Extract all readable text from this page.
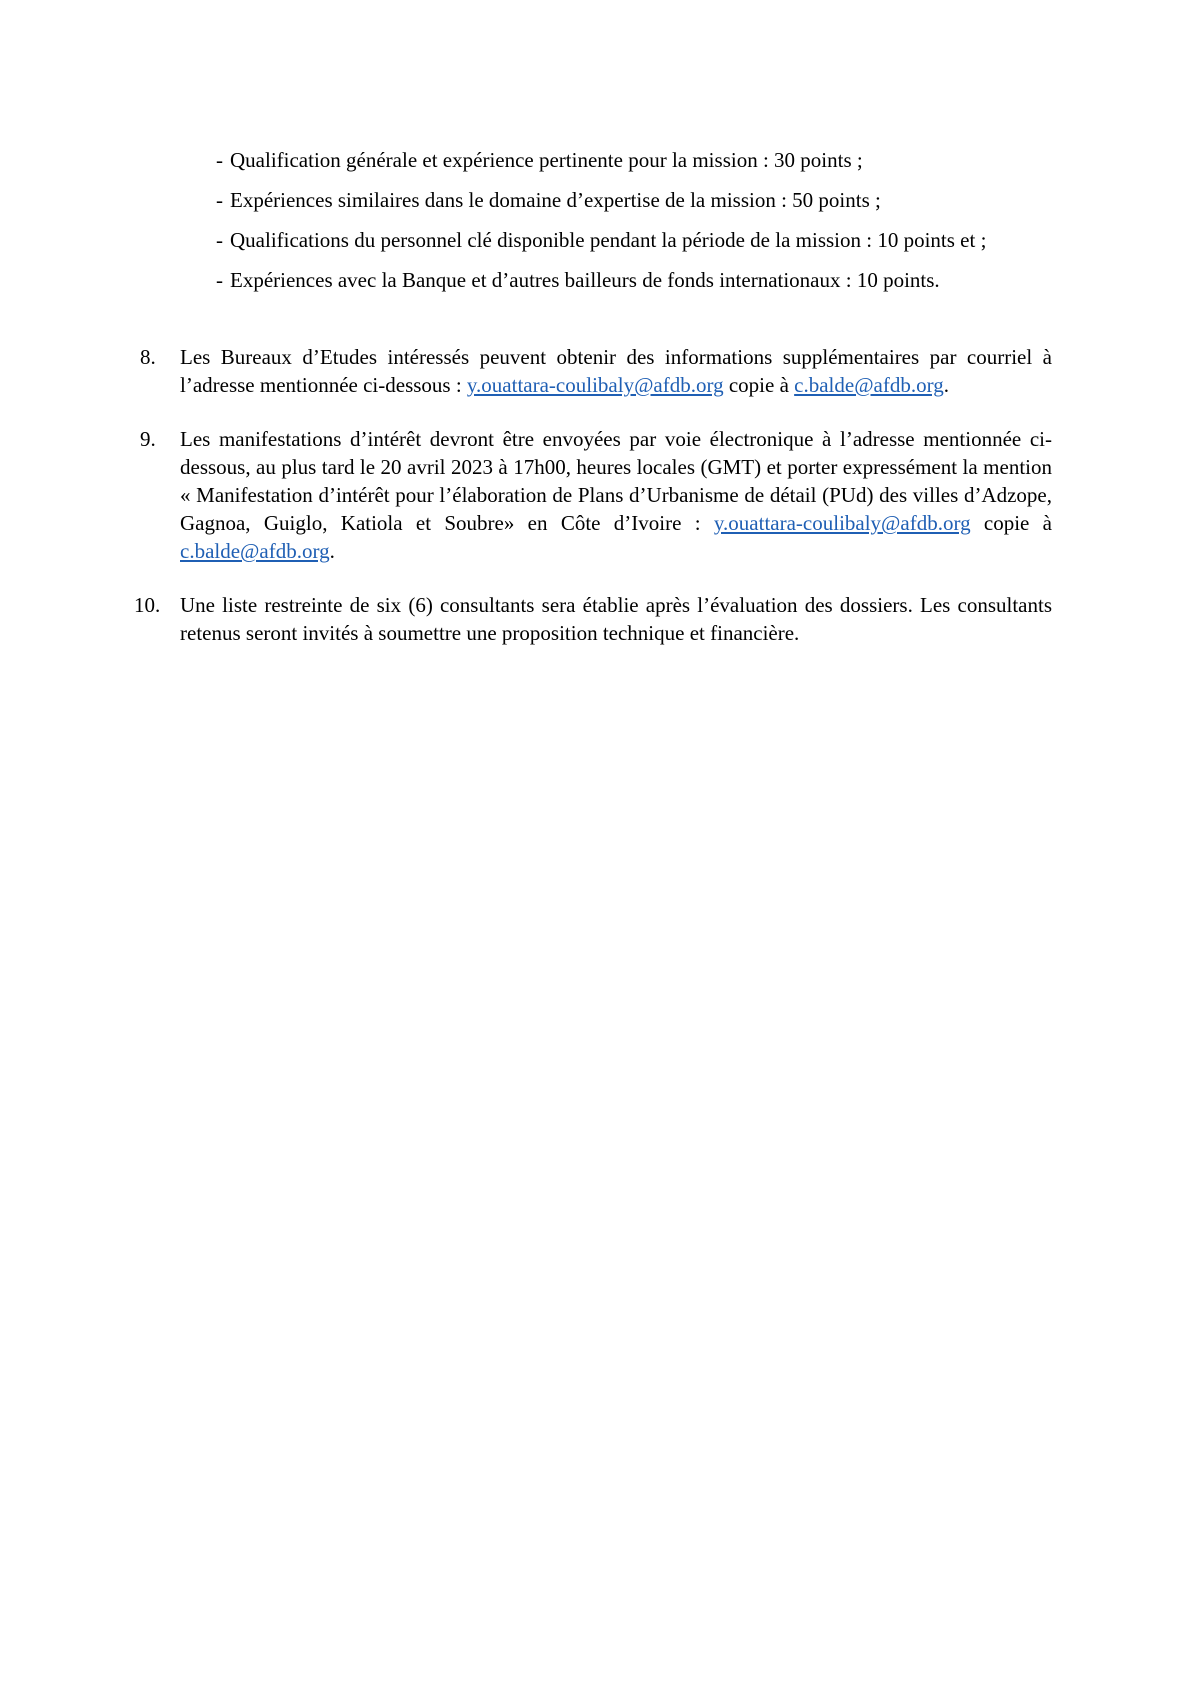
- Qualification générale et expérience pertinente pour la mission : 30 points ;
- Expériences similaires dans le domaine d’expertise de la mission : 50 points ;
- Qualifications du personnel clé disponible pendant la période de la mission : 10 points et ;
- Expériences avec la Banque et d’autres bailleurs de fonds internationaux : 10 points.
8.	Les Bureaux d’Etudes intéressés peuvent obtenir des informations supplémentaires par courriel à l’adresse mentionnée ci-dessous : y.ouattara-coulibaly@afdb.org copie à c.balde@afdb.org.
9.	Les manifestations d’intérêt devront être envoyées par voie électronique à l’adresse mentionnée ci-dessous, au plus tard le 20 avril 2023 à 17h00, heures locales (GMT) et porter expressément la mention « Manifestation d’intérêt pour l’élaboration de Plans d’Urbanisme de détail (PUd) des villes d’Adzope, Gagnoa, Guiglo, Katiola et Soubre» en Côte d’Ivoire : y.ouattara-coulibaly@afdb.org copie à c.balde@afdb.org.
10. Une liste restreinte de six (6) consultants sera établie après l’évaluation des dossiers. Les consultants retenus seront invités à soumettre une proposition technique et financière.
